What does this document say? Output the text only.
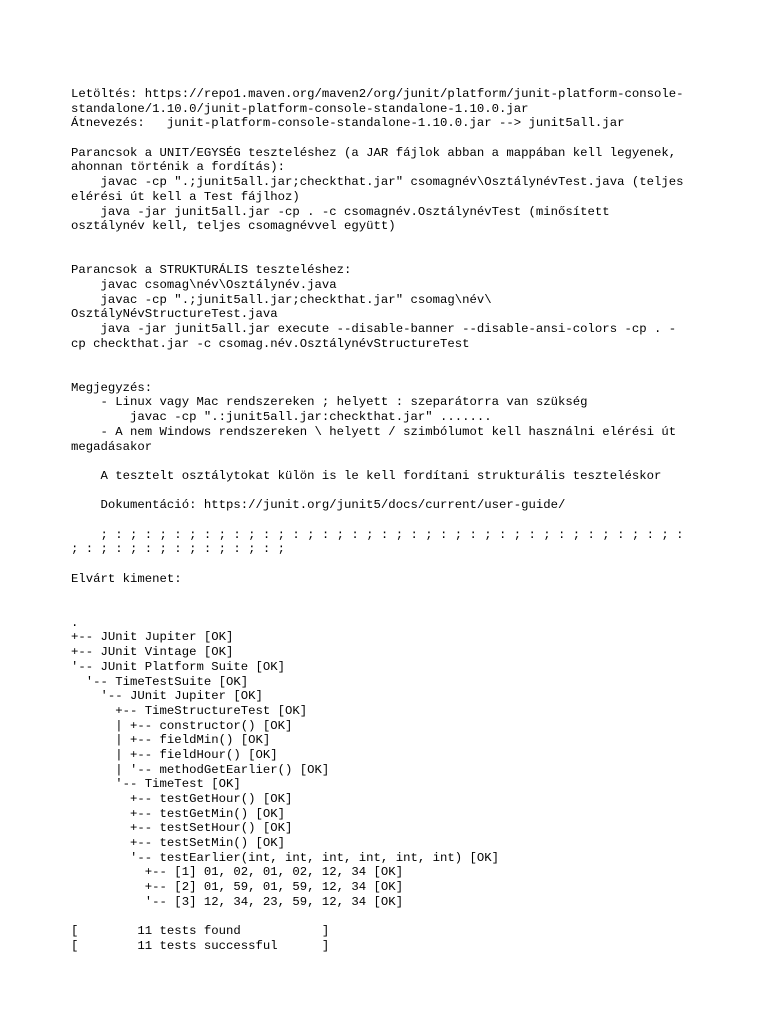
Letöltés: https://repo1.maven.org/maven2/org/junit/platform/junit-platform-console-
standalone/1.10.0/junit-platform-console-standalone-1.10.0.jar
Átnevezés:   junit-platform-console-standalone-1.10.0.jar --> junit5all.jar
Parancsok a UNIT/EGYSÉG teszteléshez (a JAR fájlok abban a mappában kell legyenek,
ahonnan történik a fordítás):
javac -cp ".;junit5all.jar;checkthat.jar" csomagnév\OsztálynévTest.java (teljes
elérési út kell a Test fájlhoz)
java -jar junit5all.jar -cp . -c csomagnév.OsztálynévTest (minősített
osztálynév kell, teljes csomagnévvel együtt)
Parancsok a STRUKTURÁLIS teszteléshez:
javac csomag\név\Osztálynév.java
javac -cp ".;junit5all.jar;checkthat.jar" csomag\név\
OsztályNévStructureTest.java
java -jar junit5all.jar execute --disable-banner --disable-ansi-colors -cp . -
cp checkthat.jar -c csomag.név.OsztálynévStructureTest
Megjegyzés:
- Linux vagy Mac rendszereken ; helyett : szeparátorra van szükség
javac -cp ".:junit5all.jar:checkthat.jar" .......
- A nem Windows rendszereken \ helyett / szimbólumot kell használni elérési út
megadásakor
A tesztelt osztálytokat külön is le kell fordítani strukturális teszteléskor
Dokumentáció: https://junit.org/junit5/docs/current/user-guide/
; : ; : ; : ; : ; : ; : ; : ; : ; : ; : ; : ; : ; : ; : ; : ; : ; : ; : ; : ; :
; : ; : ; : ; : ; : ; : ; : ;
Elvárt kimenet:
.
+-- JUnit Jupiter [OK]
+-- JUnit Vintage [OK]
'-- JUnit Platform Suite [OK]
'-- TimeTestSuite [OK]
'-- JUnit Jupiter [OK]
+-- TimeStructureTest [OK]
| +-- constructor() [OK]
| +-- fieldMin() [OK]
| +-- fieldHour() [OK]
| '-- methodGetEarlier() [OK]
'-- TimeTest [OK]
+-- testGetHour() [OK]
+-- testGetMin() [OK]
+-- testSetHour() [OK]
+-- testSetMin() [OK]
'-- testEarlier(int, int, int, int, int, int) [OK]
+-- [1] 01, 02, 01, 02, 12, 34 [OK]
+-- [2] 01, 59, 01, 59, 12, 34 [OK]
'-- [3] 12, 34, 23, 59, 12, 34 [OK]
[        11 tests found           ]
[        11 tests successful      ]
